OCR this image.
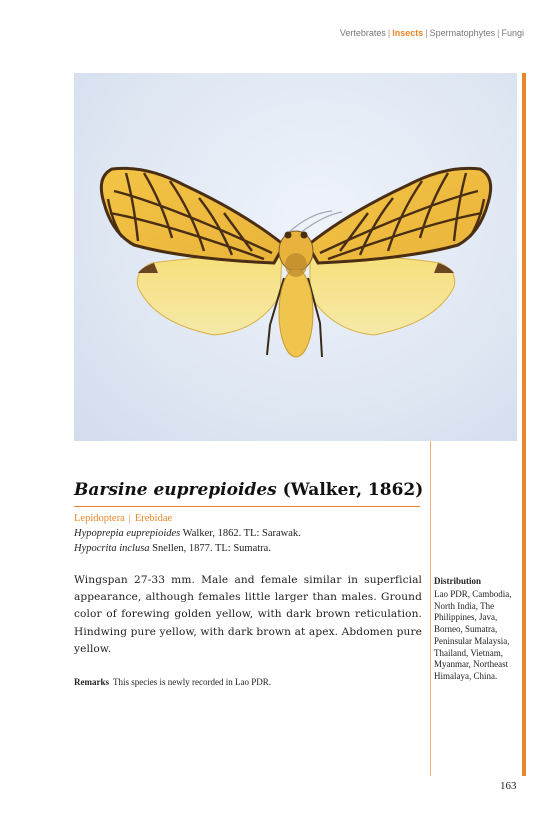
Vertebrates | Insects | Spermatophytes | Fungi
Barsine euprepioides (Walker, 1862)
Lepidoptera | Erebidae
Hypoprepia euprepioides Walker, 1862. TL: Sarawak.
Hypocrita inclusa Snellen, 1877. TL: Sumatra.

Wingspan 27-33 mm. Male and female similar in superficial appearance, although females little larger than males. Ground color of forewing golden yellow, with dark brown reticulation. Hindwing pure yellow, with dark brown at apex. Abdomen pure yellow.

Remarks This species is newly recorded in Lao PDR.
Distribution
Lao PDR, Cambodia,
North India, The
Philippines, Java,
Borneo, Sumatra,
Peninsular Malaysia,
Thailand, Vietnam,
Myanmar, Northeast
Himalaya, China.
163
